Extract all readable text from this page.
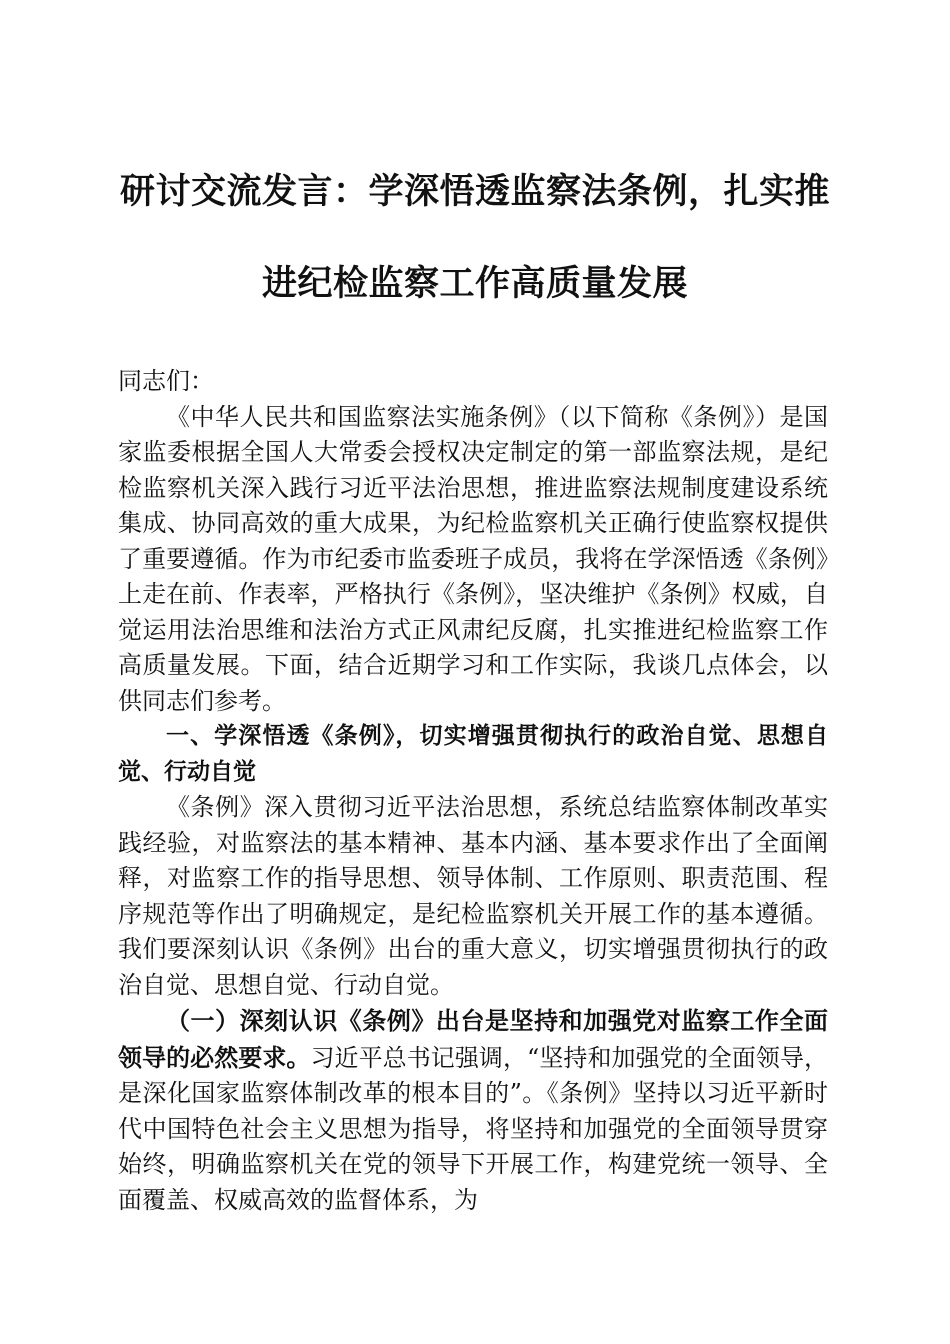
研讨交流发言：学深悟透监察法条例，扎实推
进纪检监察工作高质量发展

同志们：

《中华人民共和国监察法实施条例》（以下简称《条例》）是国家监委根据全国人大常委会授权决定制定的第一部监察法规，是纪检监察机关深入践行习近平法治思想，推进监察法规制度建设系统集成、协同高效的重大成果，为纪检监察机关正确行使监察权提供了重要遵循。作为市纪委市监委班子成员，我将在学深悟透《条例》上走在前、作表率，严格执行《条例》，坚决维护《条例》权威，自觉运用法治思维和法治方式正风肃纪反腐，扎实推进纪检监察工作高质量发展。下面，结合近期学习和工作实际，我谈几点体会，以供同志们参考。

一、学深悟透《条例》，切实增强贯彻执行的政治自觉、思想自觉、行动自觉

《条例》深入贯彻习近平法治思想，系统总结监察体制改革实践经验，对监察法的基本精神、基本内涵、基本要求作出了全面阐释，对监察工作的指导思想、领导体制、工作原则、职责范围、程序规范等作出了明确规定，是纪检监察机关开展工作的基本遵循。我们要深刻认识《条例》出台的重大意义，切实增强贯彻执行的政治自觉、思想自觉、行动自觉。

（一）深刻认识《条例》出台是坚持和加强党对监察工作全面领导的必然要求。习近平总书记强调，“坚持和加强党的全面领导，是深化国家监察体制改革的根本目的”。《条例》坚持以习近平新时代中国特色社会主义思想为指导，将坚持和加强党的全面领导贯穿始终，明确监察机关在党的领导下开展工作，构建党统一领导、全面覆盖、权威高效的监督体系，为
